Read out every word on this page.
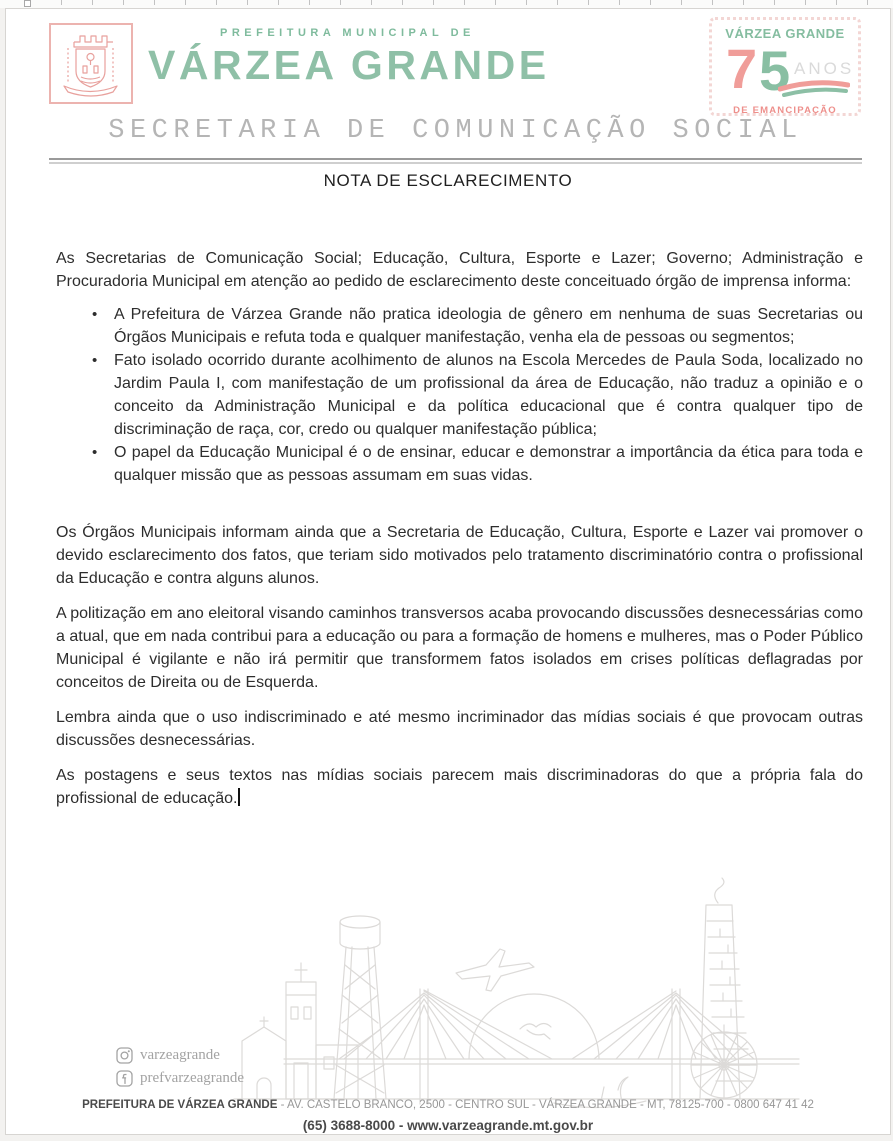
PREFEITURA MUNICIPAL DE
VÁRZEA GRANDE
VÁRZEA GRANDE
7 5 ANOS
DE EMANCIPAÇÃO
SECRETARIA DE COMUNICAÇÃO SOCIAL
NOTA DE ESCLARECIMENTO

As Secretarias de Comunicação Social; Educação, Cultura, Esporte e Lazer; Governo; Administração e Procuradoria Municipal em atenção ao pedido de esclarecimento deste conceituado órgão de imprensa informa:

• A Prefeitura de Várzea Grande não pratica ideologia de gênero em nenhuma de suas Secretarias ou Órgãos Municipais e refuta toda e qualquer manifestação, venha ela de pessoas ou segmentos;
• Fato isolado ocorrido durante acolhimento de alunos na Escola Mercedes de Paula Soda, localizado no Jardim Paula I, com manifestação de um profissional da área de Educação, não traduz a opinião e o conceito da Administração Municipal e da política educacional que é contra qualquer tipo de discriminação de raça, cor, credo ou qualquer manifestação pública;
• O papel da Educação Municipal é o de ensinar, educar e demonstrar a importância da ética para toda e qualquer missão que as pessoas assumam em suas vidas.

Os Órgãos Municipais informam ainda que a Secretaria de Educação, Cultura, Esporte e Lazer vai promover o devido esclarecimento dos fatos, que teriam sido motivados pelo tratamento discriminatório contra o profissional da Educação e contra alguns alunos.

A politização em ano eleitoral visando caminhos transversos acaba provocando discussões desnecessárias como a atual, que em nada contribui para a educação ou para a formação de homens e mulheres, mas o Poder Público Municipal é vigilante e não irá permitir que transformem fatos isolados em crises políticas deflagradas por conceitos de Direita ou de Esquerda.

Lembra ainda que o uso indiscriminado e até mesmo incriminador das mídias sociais é que provocam outras discussões desnecessárias.

As postagens e seus textos nas mídias sociais parecem mais discriminadoras do que a própria fala do profissional de educação.

varzeagrande
prefvarzeagrande
PREFEITURA DE VÁRZEA GRANDE - AV. CASTELO BRANCO, 2500 - CENTRO SUL - VÁRZEA GRANDE - MT, 78125-700 - 0800 647 41 42
(65) 3688-8000 - www.varzeagrande.mt.gov.br
